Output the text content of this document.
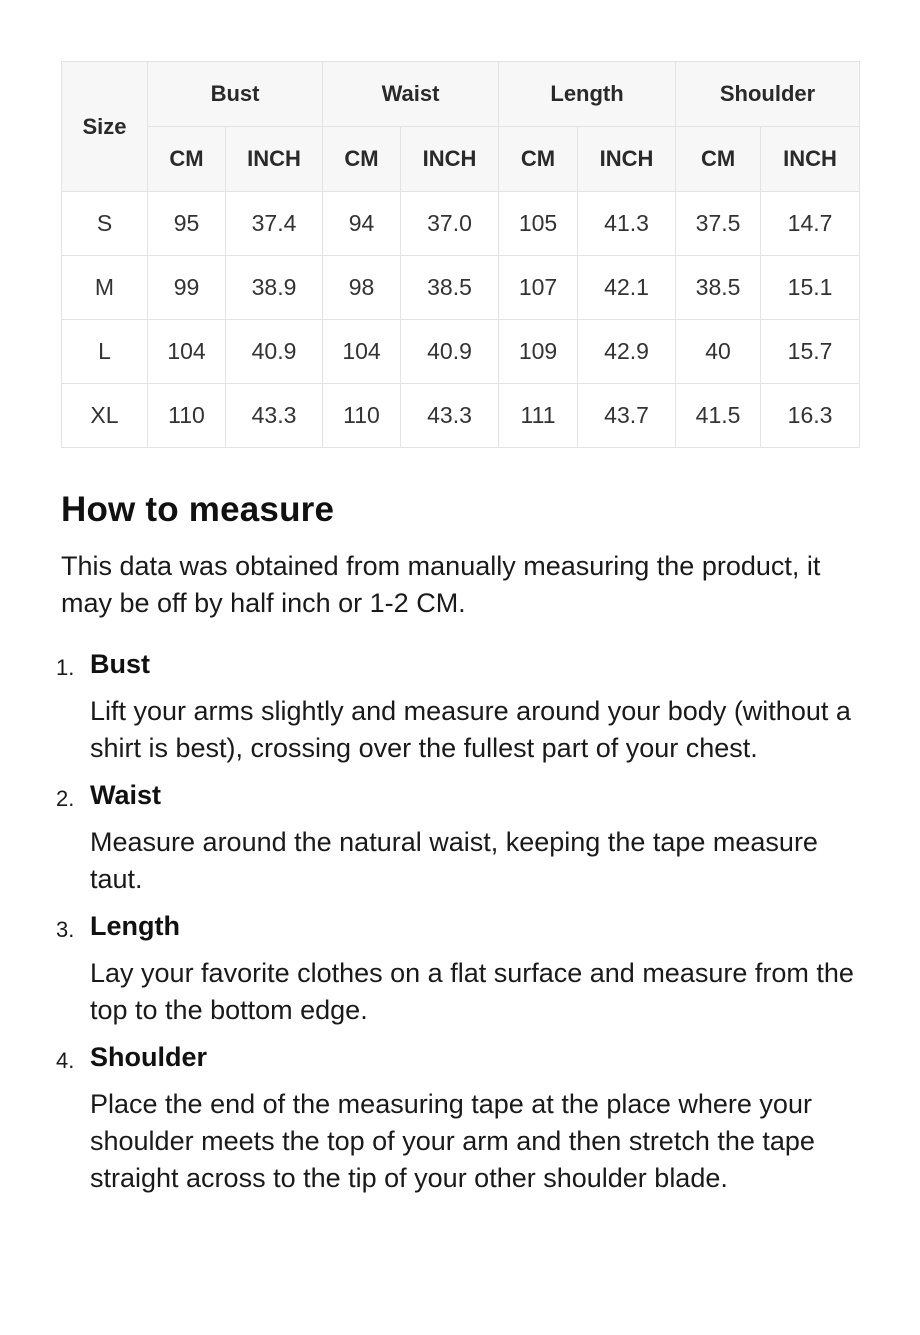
Size	Bust		Waist		Length		Shoulder	
	CM	INCH	CM	INCH	CM	INCH	CM	INCH
S	95	37.4	94	37.0	105	41.3	37.5	14.7
M	99	38.9	98	38.5	107	42.1	38.5	15.1
L	104	40.9	104	40.9	109	42.9	40	15.7
XL	110	43.3	110	43.3	111	43.7	41.5	16.3
How to measure

This data was obtained from manually measuring the product, it may be off by half inch or 1-2 CM.

1. Bust
Lift your arms slightly and measure around your body (without a shirt is best), crossing over the fullest part of your chest.
2. Waist
Measure around the natural waist, keeping the tape measure taut.
3. Length
Lay your favorite clothes on a flat surface and measure from the top to the bottom edge.
4. Shoulder
Place the end of the measuring tape at the place where your shoulder meets the top of your arm and then stretch the tape straight across to the tip of your other shoulder blade.
